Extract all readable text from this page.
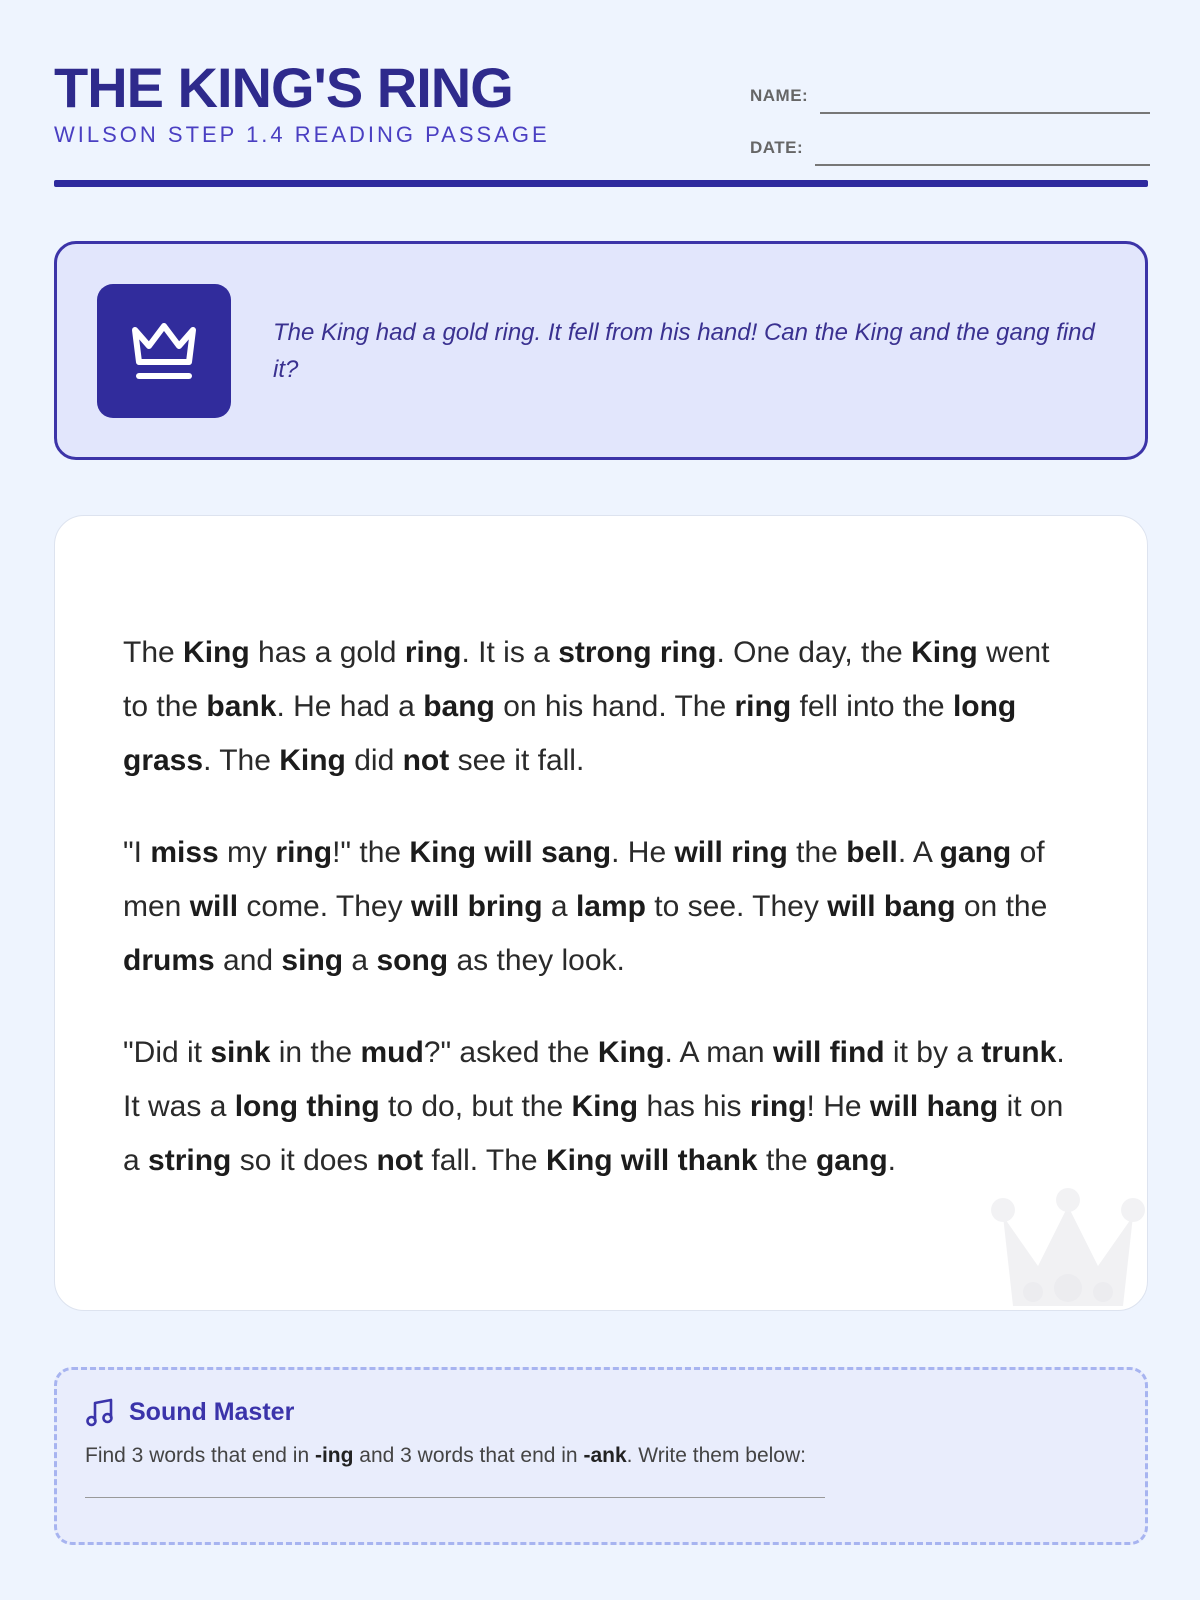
THE KING'S RING
WILSON STEP 1.4 READING PASSAGE
NAME:
DATE:

The King had a gold ring. It fell from his hand! Can the King and the gang find it?

The King has a gold ring. It is a strong ring. One day, the King went to the bank. He had a bang on his hand. The ring fell into the long grass. The King did not see it fall.

"I miss my ring!" the King will sang. He will ring the bell. A gang of men will come. They will bring a lamp to see. They will bang on the drums and sing a song as they look.

"Did it sink in the mud?" asked the King. A man will find it by a trunk. It was a long thing to do, but the King has his ring! He will hang it on a string so it does not fall. The King will thank the gang.

Sound Master

Find 3 words that end in -ing and 3 words that end in -ank. Write them below:
